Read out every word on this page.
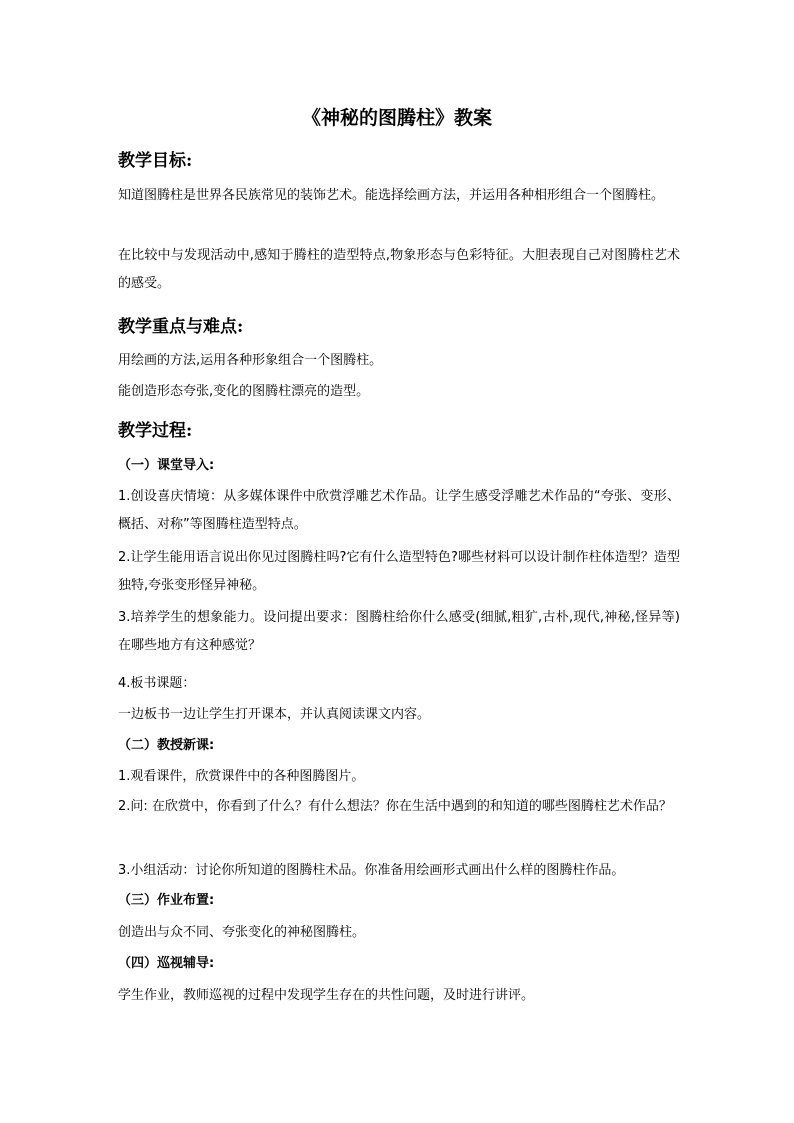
《神秘的图腾柱》教案
教学目标:
知道图腾柱是世界各民族常见的装饰艺术。能选择绘画方法，并运用各种相形组合一个图腾柱。
在比较中与发现活动中,感知于腾柱的造型特点,物象形态与色彩特征。大胆表现自己对图腾柱艺术的感受。
教学重点与难点:
用绘画的方法,运用各种形象组合一个图腾柱。
能创造形态夸张,变化的图腾柱漂亮的造型。
教学过程:
（一）课堂导入:
1.创设喜庆情境：从多媒体课件中欣赏浮雕艺术作品。让学生感受浮雕艺术作品的“夸张、变形、概括、对称”等图腾柱造型特点。
2.让学生能用语言说出你见过图腾柱吗?它有什么造型特色?哪些材料可以设计制作柱体造型？造型独特,夸张变形怪异神秘。
3.培养学生的想象能力。设问提出要求：图腾柱给你什么感受(细腻,粗犷,古朴,现代,神秘,怪异等)在哪些地方有这种感觉？
4.板书课题：
一边板书一边让学生打开课本，并认真阅读课文内容。
（二）教授新课:
1.观看课件，欣赏课件中的各种图腾图片。
2.问: 在欣赏中，你看到了什么？有什么想法？你在生活中遇到的和知道的哪些图腾柱艺术作品？
3.小组活动：讨论你所知道的图腾柱术品。你准备用绘画形式画出什么样的图腾柱作品。
（三）作业布置:
创造出与众不同、夸张变化的神秘图腾柱。
（四）巡视辅导:
学生作业，教师巡视的过程中发现学生存在的共性问题，及时进行讲评。
